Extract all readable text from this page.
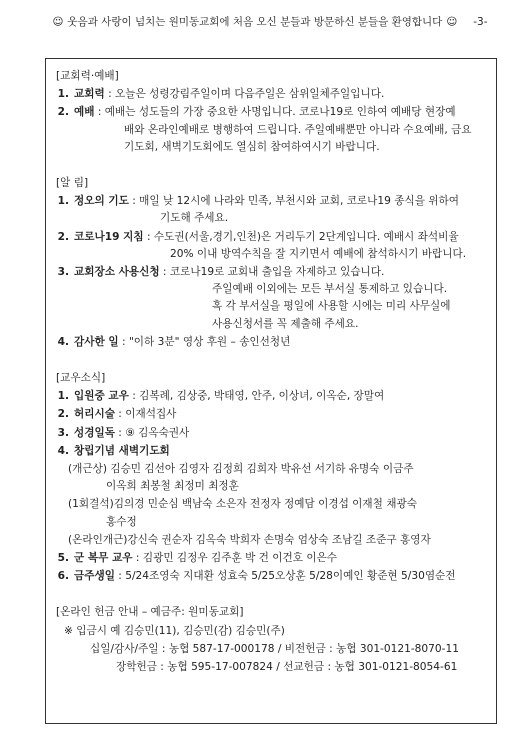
☺ 웃음과 사랑이 넘치는 원미동교회에 처음 오신 분들과 방문하신 분들을 환영합니다 ☺ -3-
[교회력·예배]
1. 교회력 : 오늘은 성령강림주일이며 다음주일은 삼위일체주일입니다.
2. 예배 : 예배는 성도들의 가장 중요한 사명입니다. 코로나19로 인하여 예배당 현장예
배와 온라인예배로 병행하여 드립니다. 주일예배뿐만 아니라 수요예배, 금요
기도회, 새벽기도회에도 열심히 참여하여시기 바랍니다.
[알 림]
1. 정오의 기도 : 매일 낮 12시에 나라와 민족, 부천시와 교회, 코로나19 종식을 위하여
기도해 주세요.
2. 코로나19 지침 : 수도권(서울,경기,인천)은 거리두기 2단계입니다. 예배시 좌석비율
20% 이내 방역수칙을 잘 지키면서 예배에 참석하시기 바랍니다.
3. 교회장소 사용신청 : 코로나19로 교회내 출입을 자제하고 있습니다.
주일예배 이외에는 모든 부서실 통제하고 있습니다.
혹 각 부서실을 평일에 사용할 시에는 미리 사무실에
사용신청서를 꼭 제출해 주세요.
4. 감사한 일 : "이하 3분" 영상 후원 – 송인선청년
[교우소식]
1. 입원중 교우 : 김복례, 김상중, 박태영, 안주, 이상녀, 이옥순, 장말여
2. 허리시술 : 이재석집사
3. 성경일독 : ⑨ 김옥숙권사
4. 창립기념 새벽기도회
(개근상) 김승민 김선아 김영자 김정희 김희자 박유선 서기하 유명숙 이금주
이옥희 최봉철 최정미 최정훈
(1회결석)김의경 민순심 백남숙 소은자 전정자 정예담 이경섭 이재철 채광숙
홍수정
(온라인개근)강신숙 권순자 김옥숙 박희자 손명숙 엄상숙 조남길 조준구 홍영자
5. 군 복무 교우 : 김광민 김정우 김주훈 박 건 이건호 이은수
6. 금주생일 : 5/24조영숙 지대환 성효숙 5/25오상훈 5/28이예인 황준현 5/30염순전
[온라인 헌금 안내 – 예금주: 원미동교회]
※ 입금시 예 김승민(11), 김승민(감) 김승민(주)
십일/감사/주일 : 농협 587-17-000178 / 비전헌금 : 농협 301-0121-8070-11
장학헌금 : 농협 595-17-007824 / 선교헌금 : 농협 301-0121-8054-61
